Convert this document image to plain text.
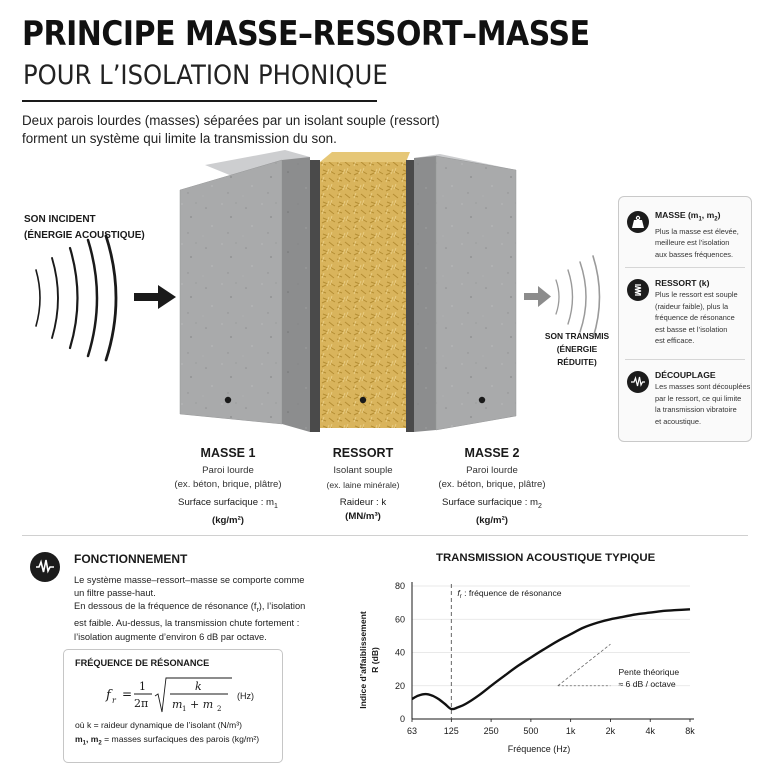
PRINCIPE MASSE–RESSORT–MASSE
POUR L’ISOLATION PHONIQUE
Deux parois lourdes (masses) séparées par un isolant souple (ressort)
forment un système qui limite la transmission du son.
SON INCIDENT
(ÉNERGIE ACOUSTIQUE)
SON TRANSMIS
(ÉNERGIE RÉDUITE)
MASSE 1
Paroi lourde
(ex. béton, brique, plâtre)
Surface surfacique : $m_1$
(kg/m²)
RESSORT
Isolant souple
(ex. laine minérale)
Raideur : k
(MN/m³)
MASSE 2
Paroi lourde
(ex. béton, brique, plâtre)
Surface surfacique : $m_2$
(kg/m²)
MASSE ($m_1$, $m_2$)
Plus la masse est élevée,
meilleure est l’isolation
aux basses fréquences.
RESSORT (k)
Plus le ressort est souple
(raideur faible), plus la
fréquence de résonance
est basse et l’isolation
est efficace.
DÉCOUPLAGE
Les masses sont découplées
par le ressort, ce qui limite
la transmission vibratoire
et acoustique.
FONCTIONNEMENT
Le système masse–ressort–masse se comporte comme
un filtre passe-haut.
En dessous de la fréquence de résonance $(f_r)$, l’isolation
est faible. Au-dessus, la transmission chute fortement :
l’isolation augmente d’environ 6 dB par octave.
FRÉQUENCE DE RÉSONANCE
f r =
1
2π
k
m 1 + m 2
(Hz)
où k = raideur dynamique de l’isolant (N/m³)
$m_1$, $m_2$ = masses surfaciques des parois (kg/m²)
TRANSMISSION ACOUSTIQUE TYPIQUE
0
20
40
60
80
63	125	250	500	1k	2k	4k	8k
$f_r$ : fréquence de résonance
Pente théorique
≈ 6 dB / octave
Fréquence (Hz)
Indice d’affaiblissement R (dB)
